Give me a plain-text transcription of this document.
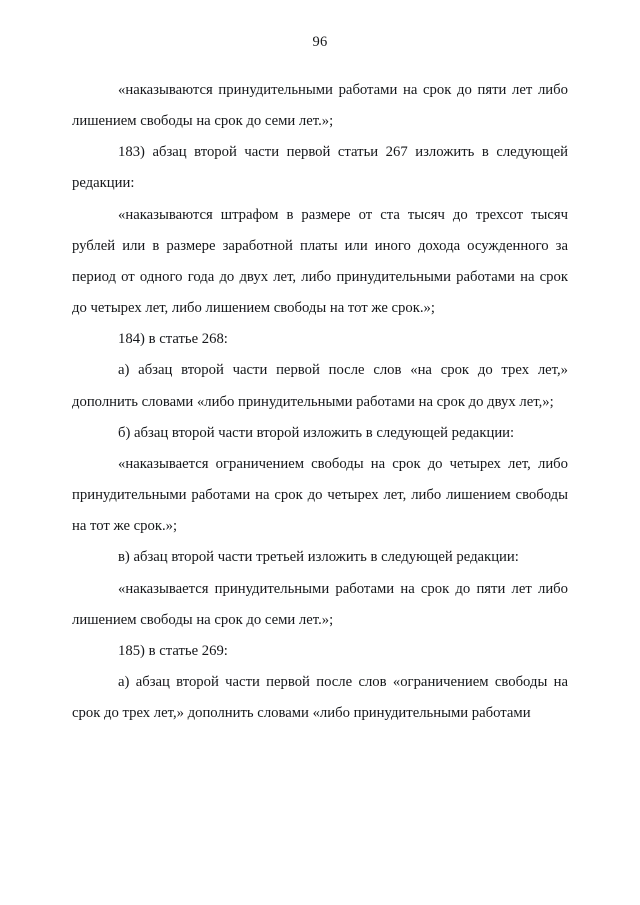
96

«наказываются принудительными работами на срок до пяти лет либо лишением свободы на срок до семи лет.»;

183) абзац второй части первой статьи 267 изложить в следующей редакции:

«наказываются штрафом в размере от ста тысяч до трехсот тысяч рублей или в размере заработной платы или иного дохода осужденного за период от одного года до двух лет, либо принудительными работами на срок до четырех лет, либо лишением свободы на тот же срок.»;

184) в статье 268:

а) абзац второй части первой после слов «на срок до трех лет,» дополнить словами «либо принудительными работами на срок до двух лет,»;

б) абзац второй части второй изложить в следующей редакции:

«наказывается ограничением свободы на срок до четырех лет, либо принудительными работами на срок до четырех лет, либо лишением свободы на тот же срок.»;

в) абзац второй части третьей изложить в следующей редакции:

«наказывается принудительными работами на срок до пяти лет либо лишением свободы на срок до семи лет.»;

185) в статье 269:

а) абзац второй части первой после слов «ограничением свободы на срок до трех лет,» дополнить словами «либо принудительными работами
